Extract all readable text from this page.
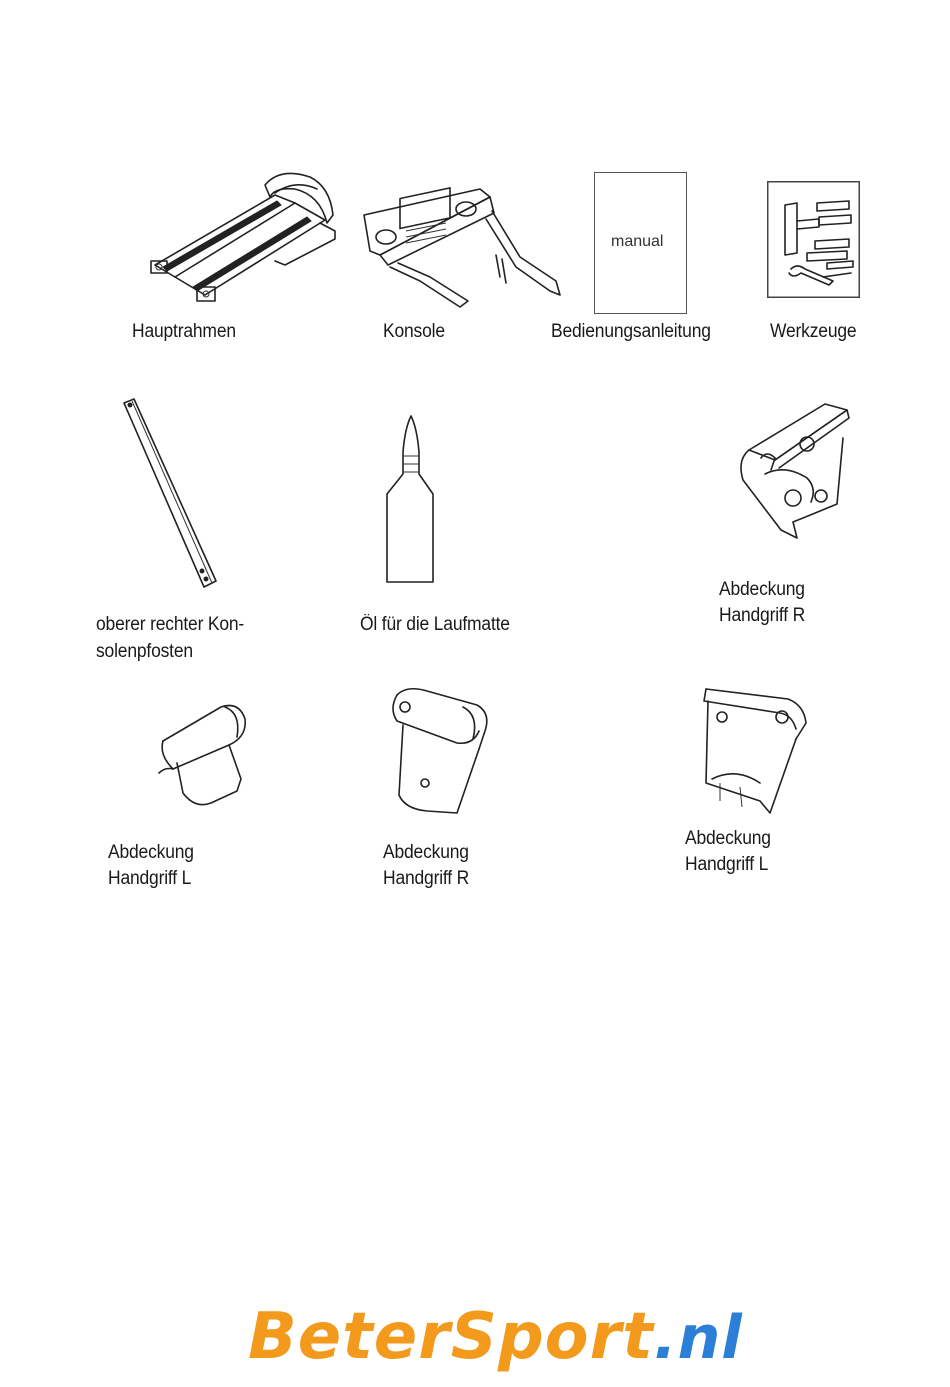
Hauptrahmen	Konsole
manual
Bedienungsanleitung	Werkzeuge
oberer rechter Kon-
solenpfosten
Öl für die Laufmatte
Abdeckung
Handgriff R
Abdeckung
Handgriff L
Abdeckung
Handgriff R
Abdeckung
Handgriff L
BeterSport.nl
